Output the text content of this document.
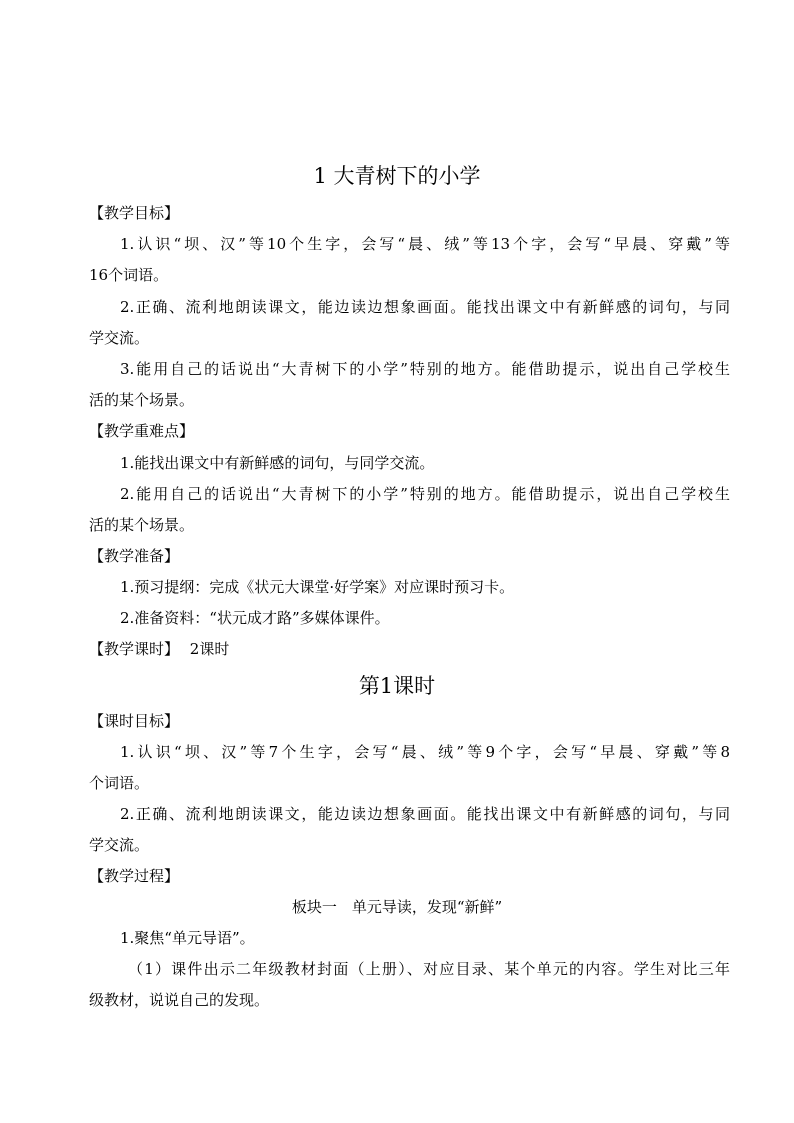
1 大青树下的小学
【教学目标】
1.认识“坝、汉”等10个生字，会写“晨、绒”等13个字，会写“早晨、穿戴”等
16个词语。
2.正确、流利地朗读课文，能边读边想象画面。能找出课文中有新鲜感的词句，与同
学交流。
3.能用自己的话说出“大青树下的小学”特别的地方。能借助提示，说出自己学校生
活的某个场景。
【教学重难点】
1.能找出课文中有新鲜感的词句，与同学交流。
2.能用自己的话说出“大青树下的小学”特别的地方。能借助提示，说出自己学校生
活的某个场景。
【教学准备】
1.预习提纲：完成《状元大课堂·好学案》对应课时预习卡。
2.准备资料：“状元成才路”多媒体课件。
【教学课时】 2课时
第1课时
【课时目标】
1.认识“坝、汉”等7个生字，会写“晨、绒”等9个字，会写“早晨、穿戴”等8
个词语。
2.正确、流利地朗读课文，能边读边想象画面。能找出课文中有新鲜感的词句，与同
学交流。
【教学过程】
板块一　单元导读，发现“新鲜”
1.聚焦“单元导语”。
（1）课件出示二年级教材封面（上册）、对应目录、某个单元的内容。学生对比三年
级教材，说说自己的发现。
